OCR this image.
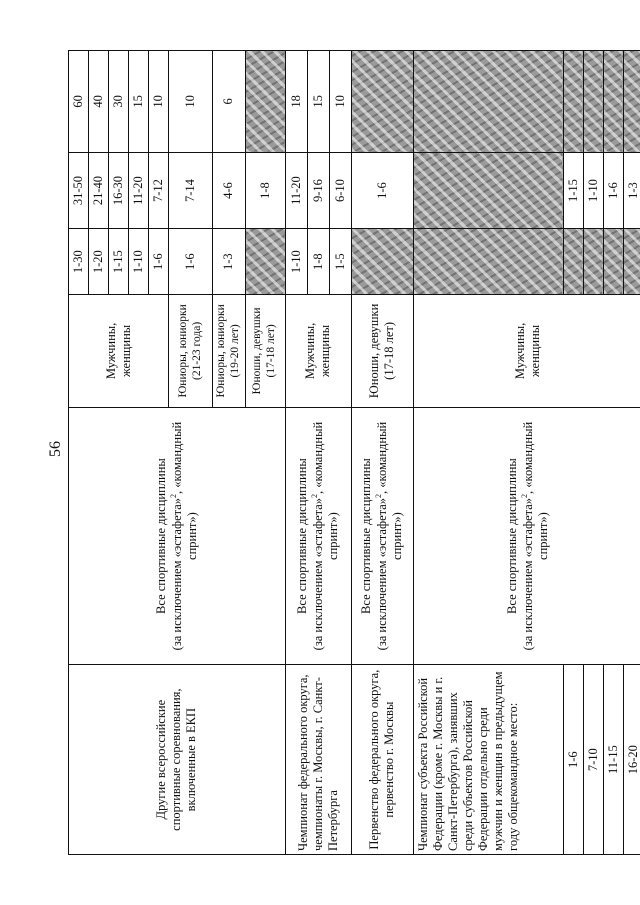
56
Другие всероссийские спортивные соревнования, включенные в ЕКП	Все спортивные дисциплины (за исключением «эстафета»$^2$, «командный спринт»)	Мужчины, женщины	1-30	31-50	60
			1-20	21-40	40
			1-15	16-30	30
			1-10	11-20	15
			1-6	7-12	10
		Юниоры, юниорки (21-23 года)	1-6	7-14	10
		Юниоры, юниорки (19-20 лет)	1-3	4-6	6
		Юноши, девушки (17-18 лет)		1-8	
Чемпионат федерального округа, чемпионаты г. Москвы, г. Санкт-Петербурга	Все спортивные дисциплины (за исключением «эстафета»$^2$, «командный спринт»)	Мужчины, женщины	1-10	11-20	18
			1-8	9-16	15
			1-5	6-10	10
Первенство федерального округа, первенство г. Москвы	Все спортивные дисциплины (за исключением «эстафета»$^2$, «командный спринт»)	Юноши, девушки (17-18 лет)		1-6	
Чемпионат субъекта Российской Федерации (кроме г. Москвы и г. Санкт-Петербурга), занявших среди субъектов Российской Федерации отдельно среди мужчин и женщин в предыдущем году общекомандное место:	Все спортивные дисциплины (за исключением «эстафета»$^2$, «командный спринт»)	Мужчины, женщины			
1-6				1-15	
7-10				1-10	
11-15				1-6	
16-20				1-3	
